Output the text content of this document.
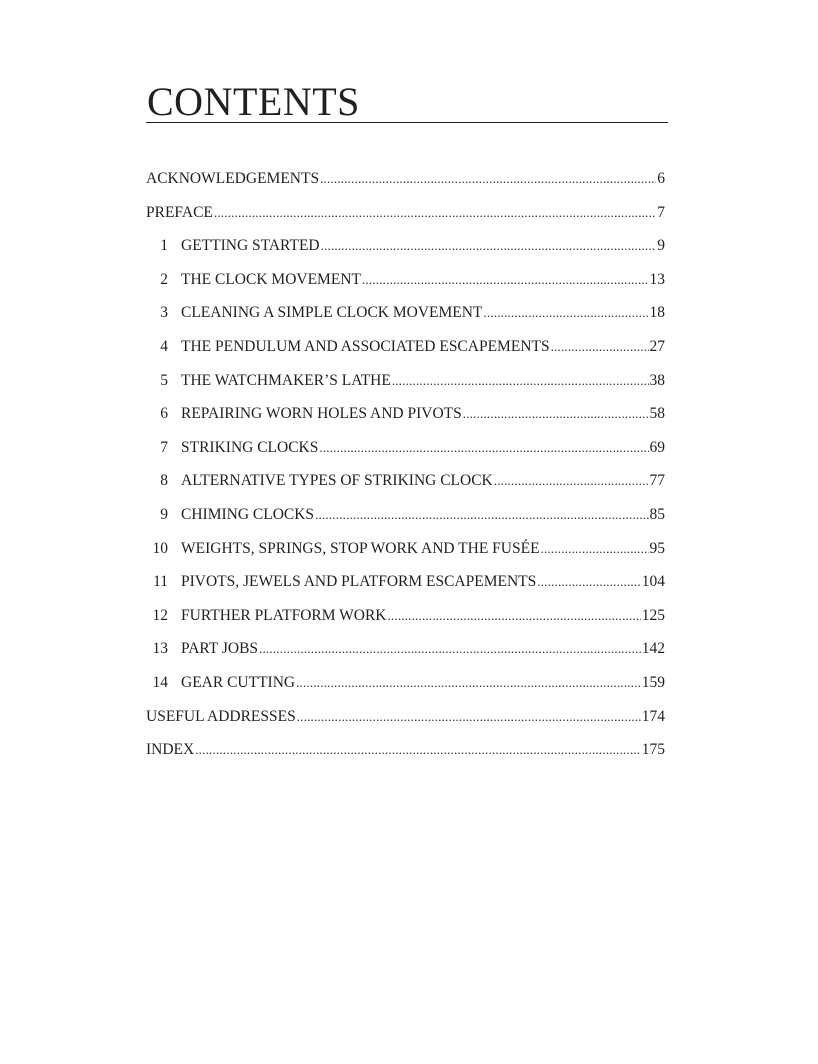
CONTENTS
ACKNOWLEDGEMENTS .....	6
PREFACE .....	7
1 GETTING STARTED .....	9
2 THE CLOCK MOVEMENT .....	13
3 CLEANING A SIMPLE CLOCK MOVEMENT .....	18
4 THE PENDULUM AND ASSOCIATED ESCAPEMENTS .....	27
5 THE WATCHMAKER’S LATHE .....	38
6 REPAIRING WORN HOLES AND PIVOTS .....	58
7 STRIKING CLOCKS .....	69
8 ALTERNATIVE TYPES OF STRIKING CLOCK .....	77
9 CHIMING CLOCKS .....	85
10 WEIGHTS, SPRINGS, STOP WORK AND THE FUSÉE .....	95
11 PIVOTS, JEWELS AND PLATFORM ESCAPEMENTS .....	104
12 FURTHER PLATFORM WORK .....	125
13 PART JOBS .....	142
14 GEAR CUTTING .....	159
USEFUL ADDRESSES .....	174
INDEX .....	175
